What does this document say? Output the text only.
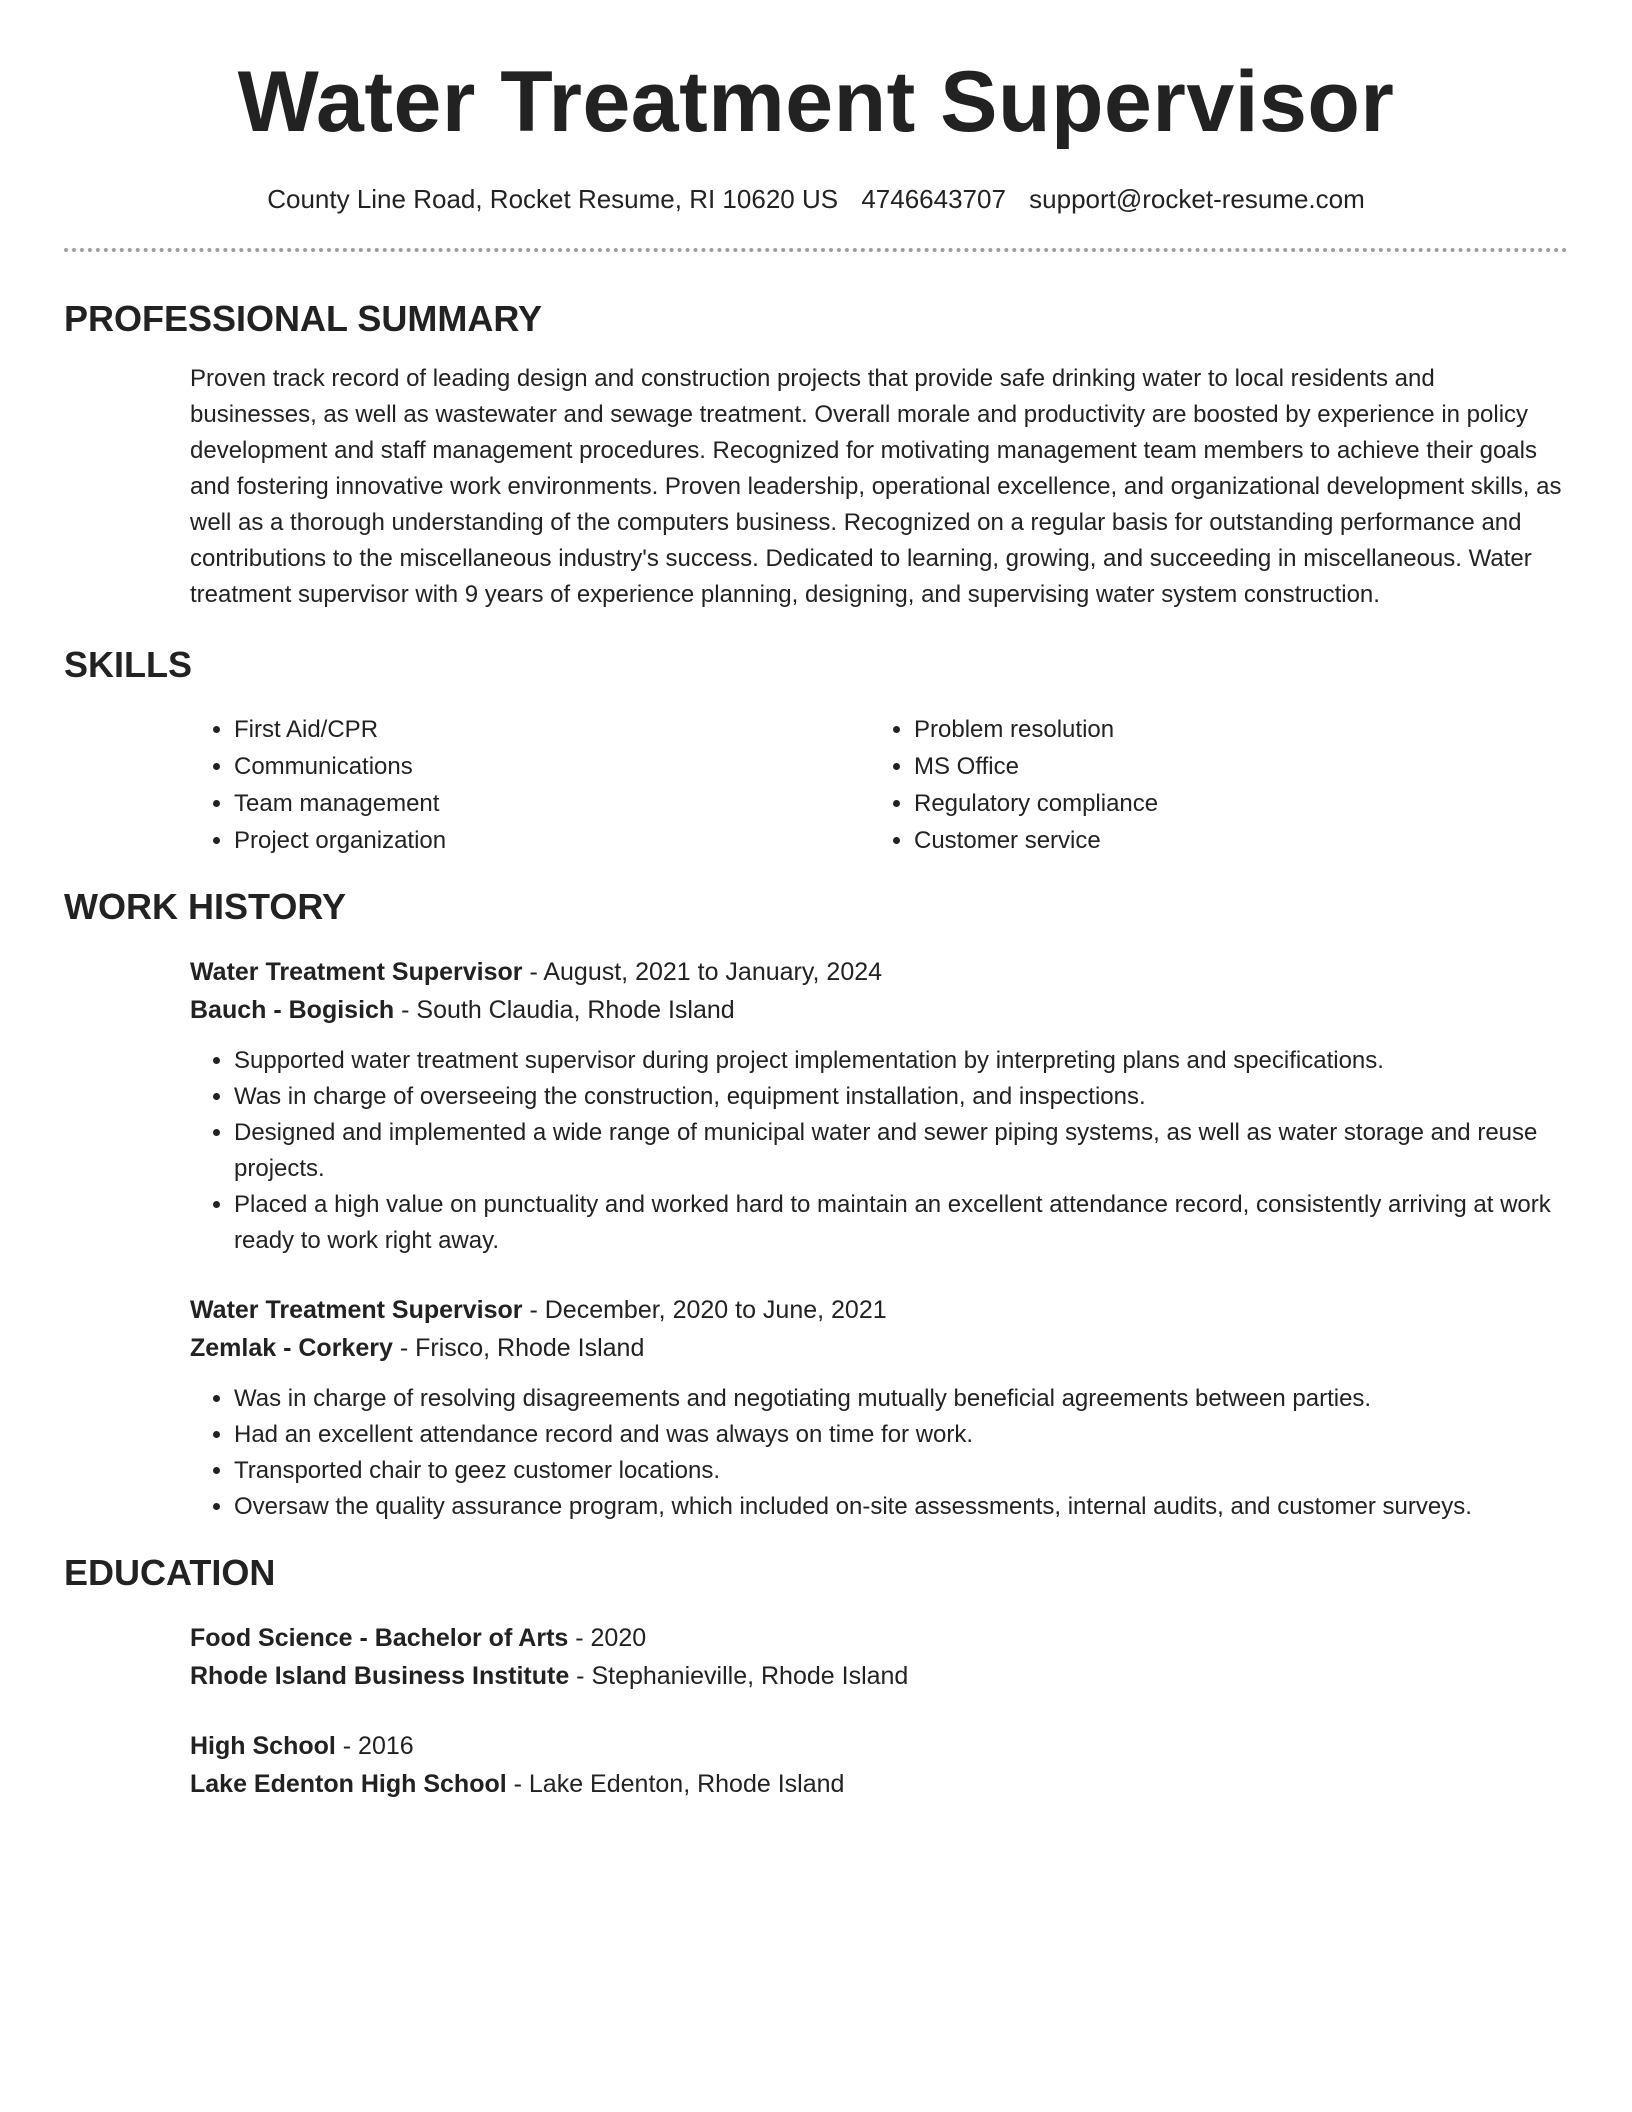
Water Treatment Supervisor
County Line Road, Rocket Resume, RI 10620 US 4746643707 support@rocket-resume.com
PROFESSIONAL SUMMARY
Proven track record of leading design and construction projects that provide safe drinking water to local residents and businesses, as well as wastewater and sewage treatment. Overall morale and productivity are boosted by experience in policy development and staff management procedures. Recognized for motivating management team members to achieve their goals and fostering innovative work environments. Proven leadership, operational excellence, and organizational development skills, as well as a thorough understanding of the computers business. Recognized on a regular basis for outstanding performance and contributions to the miscellaneous industry's success. Dedicated to learning, growing, and succeeding in miscellaneous. Water treatment supervisor with 9 years of experience planning, designing, and supervising water system construction.
SKILLS
• First Aid/CPR
• Communications
• Team management
• Project organization
• Problem resolution
• MS Office
• Regulatory compliance
• Customer service
WORK HISTORY
Water Treatment Supervisor - August, 2021 to January, 2024
Bauch - Bogisich - South Claudia, Rhode Island
• Supported water treatment supervisor during project implementation by interpreting plans and specifications.
• Was in charge of overseeing the construction, equipment installation, and inspections.
• Designed and implemented a wide range of municipal water and sewer piping systems, as well as water storage and reuse projects.
• Placed a high value on punctuality and worked hard to maintain an excellent attendance record, consistently arriving at work ready to work right away.
Water Treatment Supervisor - December, 2020 to June, 2021
Zemlak - Corkery - Frisco, Rhode Island
• Was in charge of resolving disagreements and negotiating mutually beneficial agreements between parties.
• Had an excellent attendance record and was always on time for work.
• Transported chair to geez customer locations.
• Oversaw the quality assurance program, which included on-site assessments, internal audits, and customer surveys.
EDUCATION
Food Science - Bachelor of Arts - 2020
Rhode Island Business Institute - Stephanieville, Rhode Island
High School - 2016
Lake Edenton High School - Lake Edenton, Rhode Island
